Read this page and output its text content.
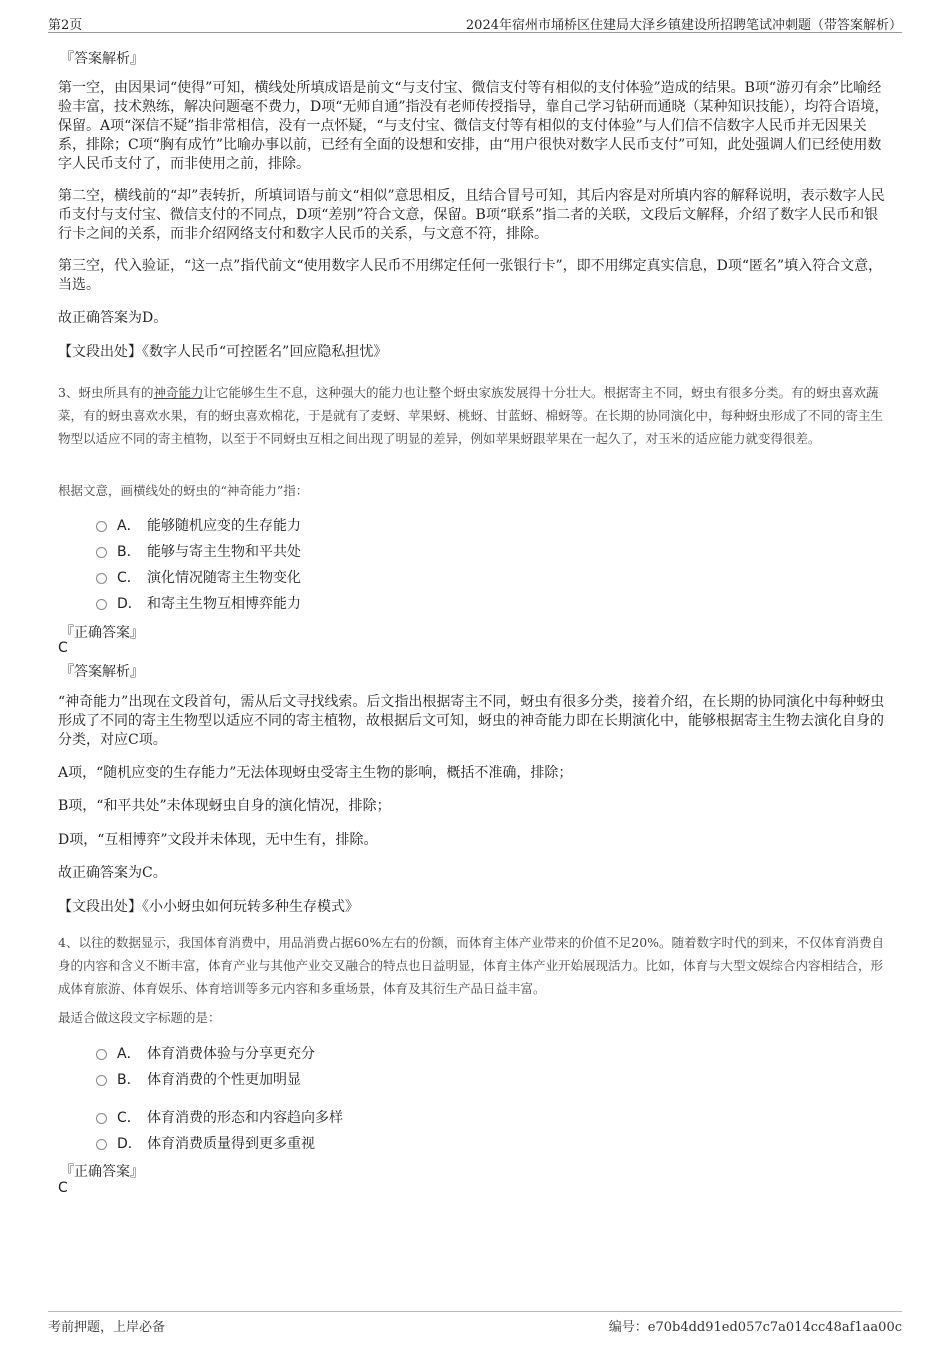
第2页	2024年宿州市埇桥区住建局大泽乡镇建设所招聘笔试冲刺题（带答案解析）
『答案解析』
第一空，由因果词“使得”可知，横线处所填成语是前文“与支付宝、微信支付等有相似的支付体验”造成的结果。B项“游刃有余”比喻经验丰富，技术熟练，解决问题毫不费力，D项“无师自通”指没有老师传授指导，靠自己学习钻研而通晓（某种知识技能），均符合语境，保留。A项“深信不疑”指非常相信，没有一点怀疑，“与支付宝、微信支付等有相似的支付体验”与人们信不信数字人民币并无因果关系，排除；C项“胸有成竹”比喻办事以前，已经有全面的设想和安排，由“用户很快对数字人民币支付”可知，此处强调人们已经使用数字人民币支付了，而非使用之前，排除。
第二空，横线前的“却”表转折，所填词语与前文“相似”意思相反，且结合冒号可知，其后内容是对所填内容的解释说明，表示数字人民币支付与支付宝、微信支付的不同点，D项“差别”符合文意，保留。B项“联系”指二者的关联，文段后文解释，介绍了数字人民币和银行卡之间的关系，而非介绍网络支付和数字人民币的关系，与文意不符，排除。
第三空，代入验证，“这一点”指代前文“使用数字人民币不用绑定任何一张银行卡”，即不用绑定真实信息，D项“匿名”填入符合文意，当选。
故正确答案为D。
【文段出处】《数字人民币“可控匿名”回应隐私担忧》
3、蚜虫所具有的神奇能力让它能够生生不息，这种强大的能力也让整个蚜虫家族发展得十分壮大。根据寄主不同，蚜虫有很多分类。有的蚜虫喜欢蔬菜，有的蚜虫喜欢水果，有的蚜虫喜欢棉花，于是就有了麦蚜、苹果蚜、桃蚜、甘蓝蚜、棉蚜等。在长期的协同演化中，每种蚜虫形成了不同的寄主生物型以适应不同的寄主植物，以至于不同蚜虫互相之间出现了明显的差异，例如苹果蚜跟苹果在一起久了，对玉米的适应能力就变得很差。
根据文意，画横线处的蚜虫的“神奇能力”指：
A． 能够随机应变的生存能力
B． 能够与寄主生物和平共处
C． 演化情况随寄主生物变化
D． 和寄主生物互相博弈能力
『正确答案』
C
『答案解析』
“神奇能力”出现在文段首句，需从后文寻找线索。后文指出根据寄主不同，蚜虫有很多分类，接着介绍，在长期的协同演化中每种蚜虫形成了不同的寄主生物型以适应不同的寄主植物，故根据后文可知，蚜虫的神奇能力即在长期演化中，能够根据寄主生物去演化自身的分类，对应C项。
A项，“随机应变的生存能力”无法体现蚜虫受寄主生物的影响，概括不准确，排除；
B项，“和平共处”未体现蚜虫自身的演化情况，排除；
D项，“互相博弈”文段并未体现，无中生有，排除。
故正确答案为C。
【文段出处】《小小蚜虫如何玩转多种生存模式》
4、以往的数据显示，我国体育消费中，用品消费占据60%左右的份额，而体育主体产业带来的价值不足20%。随着数字时代的到来，不仅体育消费自身的内容和含义不断丰富，体育产业与其他产业交叉融合的特点也日益明显，体育主体产业开始展现活力。比如，体育与大型文娱综合内容相结合，形成体育旅游、体育娱乐、体育培训等多元内容和多重场景，体育及其衍生产品日益丰富。
最适合做这段文字标题的是：
A． 体育消费体验与分享更充分
B． 体育消费的个性更加明显
C． 体育消费的形态和内容趋向多样
D． 体育消费质量得到更多重视
『正确答案』
C
考前押题，上岸必备	编号：e70b4dd91ed057c7a014cc48af1aa00c
